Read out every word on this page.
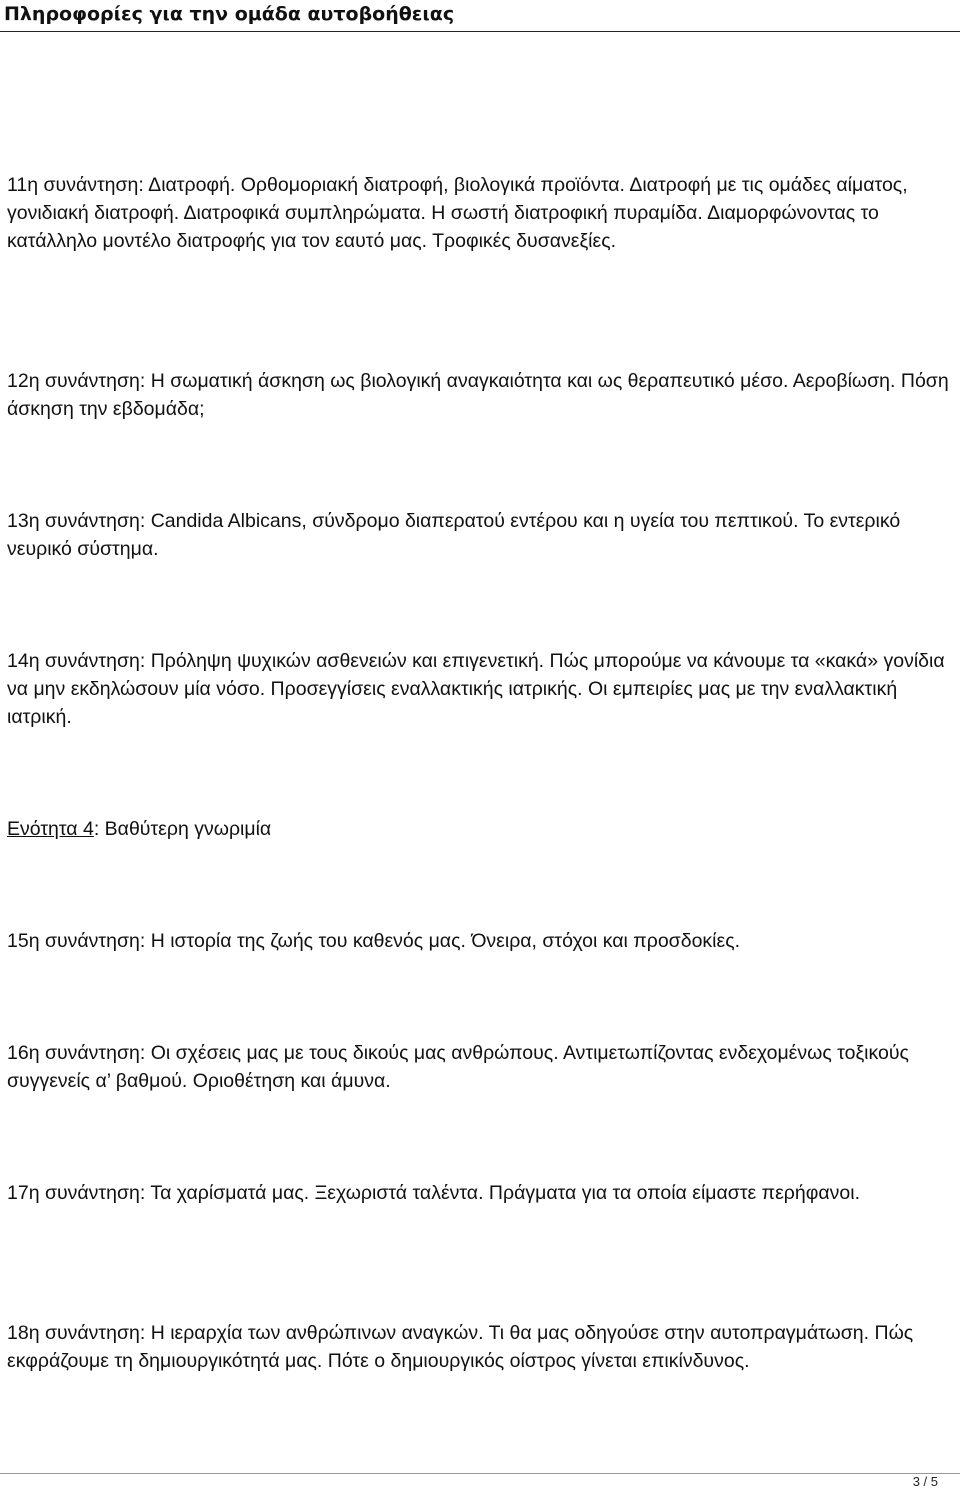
Πληροφορίες για την ομάδα αυτοβοήθειας

11η συνάντηση: Διατροφή. Ορθομοριακή διατροφή, βιολογικά προϊόντα. Διατροφή με τις ομάδες αίματος, γονιδιακή διατροφή. Διατροφικά συμπληρώματα. Η σωστή διατροφική πυραμίδα. Διαμορφώνοντας το κατάλληλο μοντέλο διατροφής για τον εαυτό μας. Τροφικές δυσανεξίες.

12η συνάντηση: Η σωματική άσκηση ως βιολογική αναγκαιότητα και ως θεραπευτικό μέσο. Αεροβίωση. Πόση άσκηση την εβδομάδα;

13η συνάντηση: Candida Albicans, σύνδρομο διαπερατού εντέρου και η υγεία του πεπτικού. Το εντερικό νευρικό σύστημα.

14η συνάντηση: Πρόληψη ψυχικών ασθενειών και επιγενετική. Πώς μπορούμε να κάνουμε τα «κακά» γονίδια να μην εκδηλώσουν μία νόσο. Προσεγγίσεις εναλλακτικής ιατρικής. Οι εμπειρίες μας με την εναλλακτική ιατρική.

Ενότητα 4: Βαθύτερη γνωριμία

15η συνάντηση: Η ιστορία της ζωής του καθενός μας. Όνειρα, στόχοι και προσδοκίες.

16η συνάντηση: Οι σχέσεις μας με τους δικούς μας ανθρώπους. Αντιμετωπίζοντας ενδεχομένως τοξικούς συγγενείς α’ βαθμού. Οριοθέτηση και άμυνα.

17η συνάντηση: Τα χαρίσματά μας. Ξεχωριστά ταλέντα. Πράγματα για τα οποία είμαστε περήφανοι.

18η συνάντηση: Η ιεραρχία των ανθρώπινων αναγκών. Τι θα μας οδηγούσε στην αυτοπραγμάτωση. Πώς εκφράζουμε τη δημιουργικότητά μας. Πότε ο δημιουργικός οίστρος γίνεται επικίνδυνος.

3 / 5
